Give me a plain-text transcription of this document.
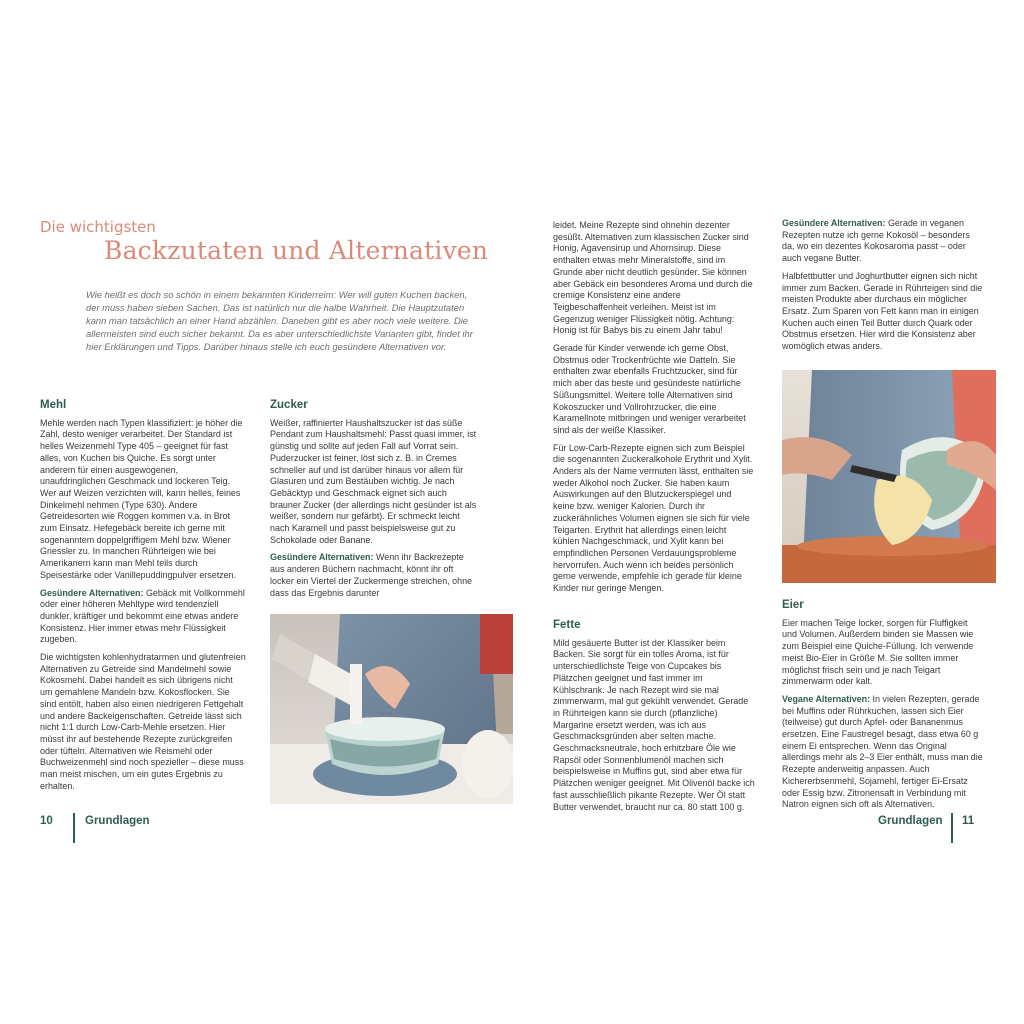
Die wichtigsten
Backzutaten und Alternativen
Wie heißt es doch so schön in einem bekannten Kinderreim: Wer will guten Kuchen backen, der muss haben sieben Sachen. Das ist natürlich nur die halbe Wahrheit. Die Hauptzutaten kann man tatsächlich an einer Hand abzählen. Daneben gibt es aber noch viele weitere. Die allermeisten sind euch sicher bekannt. Da es aber unterschiedlichste Varianten gibt, findet ihr hier Erklärungen und Tipps. Darüber hinaus stelle ich euch gesündere Alternativen vor.
Mehl

Mehle werden nach Typen klassifiziert: je höher die Zahl, desto weniger verarbeitet. Der Standard ist helles Weizenmehl Type 405 – geeignet für fast alles, von Kuchen bis Quiche. Es sorgt unter anderem für einen ausgewogenen, unaufdringlichen Geschmack und lockeren Teig. Wer auf Weizen verzichten will, kann helles, feines Dinkelmehl nehmen (Type 630). Andere Getreidesorten wie Roggen kommen v.a. in Brot zum Einsatz. Hefegebäck bereite ich gerne mit sogenanntem doppelgriffigem Mehl bzw. Wiener Griessler zu. In manchen Rührteigen wie bei Amerikanern kann man Mehl teils durch Speisestärke oder Vanillepuddingpulver ersetzen.

Gesündere Alternativen: Gebäck mit Vollkornmehl oder einer höheren Mehltype wird tendenziell dunkler, kräftiger und bekommt eine etwas andere Konsistenz. Hier immer etwas mehr Flüssigkeit zugeben.

Die wichtigsten kohlenhydratarmen und glutenfreien Alternativen zu Getreide sind Mandelmehl sowie Kokosmehl. Dabei handelt es sich übrigens nicht um gemahlene Mandeln bzw. Kokosflocken. Sie sind entölt, haben also einen niedrigeren Fettgehalt und andere Backeigenschaften. Getreide lässt sich nicht 1:1 durch Low-Carb-Mehle ersetzen. Hier müsst ihr auf bestehende Rezepte zurückgreifen oder tüfteln. Alternativen wie Reismehl oder Buchweizenmehl sind noch spezieller – diese muss man meist mischen, um ein gutes Ergebnis zu erhalten.

Zucker

Weißer, raffinierter Haushaltszucker ist das süße Pendant zum Haushaltsmehl: Passt quasi immer, ist günstig und sollte auf jeden Fall auf Vorrat sein. Puderzucker ist feiner, löst sich z. B. in Cremes schneller auf und ist darüber hinaus vor allem für Glasuren und zum Bestäuben wichtig. Je nach Gebäcktyp und Geschmack eignet sich auch brauner Zucker (der allerdings nicht gesünder ist als weißer, sondern nur gefärbt). Er schmeckt leicht nach Karamell und passt beispielsweise gut zu Schokolade oder Banane.

Gesündere Alternativen: Wenn ihr Backrezepte aus anderen Büchern nachmacht, könnt ihr oft locker ein Viertel der Zuckermenge streichen, ohne dass das Ergebnis darunter

leidet. Meine Rezepte sind ohnehin dezenter gesüßt. Alternativen zum klassischen Zucker sind Honig, Agavensirup und Ahornsirup. Diese enthalten etwas mehr Mineralstoffe, sind im Grunde aber nicht deutlich gesünder. Sie können aber Gebäck ein besonderes Aroma und durch die cremige Konsistenz eine andere Teigbeschaffenheit verleihen. Meist ist im Gegenzug weniger Flüssigkeit nötig. Achtung: Honig ist für Babys bis zu einem Jahr tabu!

Gerade für Kinder verwende ich gerne Obst, Obstmus oder Trockenfrüchte wie Datteln. Sie enthalten zwar ebenfalls Fruchtzucker, sind für mich aber das beste und gesündeste natürliche Süßungsmittel. Weitere tolle Alternativen sind Kokoszucker und Vollrohrzucker, die eine Karamellnote mitbringen und weniger verarbeitet sind als der weiße Klassiker.

Für Low-Carb-Rezepte eignen sich zum Beispiel die sogenannten Zuckeralkohole Erythrit und Xylit. Anders als der Name vermuten lässt, enthalten sie weder Alkohol noch Zucker. Sie haben kaum Auswirkungen auf den Blutzuckerspiegel und keine bzw. weniger Kalorien. Durch ihr zuckerähnliches Volumen eignen sie sich für viele Teigarten. Erythrit hat allerdings einen leicht kühlen Nachgeschmack, und Xylit kann bei empfindlichen Personen Verdauungsprobleme hervorrufen. Auch wenn ich beides persönlich gerne verwende, empfehle ich gerade für kleine Kinder nur geringe Mengen.

Fette

Mild gesäuerte Butter ist der Klassiker beim Backen. Sie sorgt für ein tolles Aroma, ist für unterschiedlichste Teige von Cupcakes bis Plätzchen geeignet und fast immer im Kühlschrank. Je nach Rezept wird sie mal zimmerwarm, mal gut gekühlt verwendet. Gerade in Rührteigen kann sie durch (pflanzliche) Margarine ersetzt werden, was ich aus Geschmacksgründen aber selten mache. Geschmacksneutrale, hoch erhitzbare Öle wie Rapsöl oder Sonnenblumenöl machen sich beispielsweise in Muffins gut, sind aber etwa für Plätzchen weniger geeignet. Mit Olivenöl backe ich fast ausschließlich pikante Rezepte. Wer Öl statt Butter verwendet, braucht nur ca. 80 statt 100 g.

Gesündere Alternativen: Gerade in veganen Rezepten nutze ich gerne Kokosöl – besonders da, wo ein dezentes Kokosaroma passt – oder auch vegane Butter.

Halbfettbutter und Joghurtbutter eignen sich nicht immer zum Backen. Gerade in Rührteigen sind die meisten Produkte aber durchaus ein möglicher Ersatz. Zum Sparen von Fett kann man in einigen Kuchen auch einen Teil Butter durch Quark oder Obstmus ersetzen. Hier wird die Konsistenz aber womöglich etwas anders.

Eier

Eier machen Teige locker, sorgen für Fluffigkeit und Volumen. Außerdem binden sie Massen wie zum Beispiel eine Quiche-Füllung. Ich verwende meist Bio-Eier in Größe M. Sie sollten immer möglichst frisch sein und je nach Teigart zimmerwarm oder kalt.

Vegane Alternativen: In vielen Rezepten, gerade bei Muffins oder Rührkuchen, lassen sich Eier (teilweise) gut durch Apfel- oder Bananenmus ersetzen. Eine Faustregel besagt, dass etwa 60 g einem Ei entsprechen. Wenn das Original allerdings mehr als 2–3 Eier enthält, muss man die Rezepte anderweitig anpassen. Auch Kichererbsenmehl, Sojamehl, fertiger Ei-Ersatz oder Essig bzw. Zitronensaft in Verbindung mit Natron eignen sich oft als Alternativen.

10	Grundlagen	Grundlagen 11
